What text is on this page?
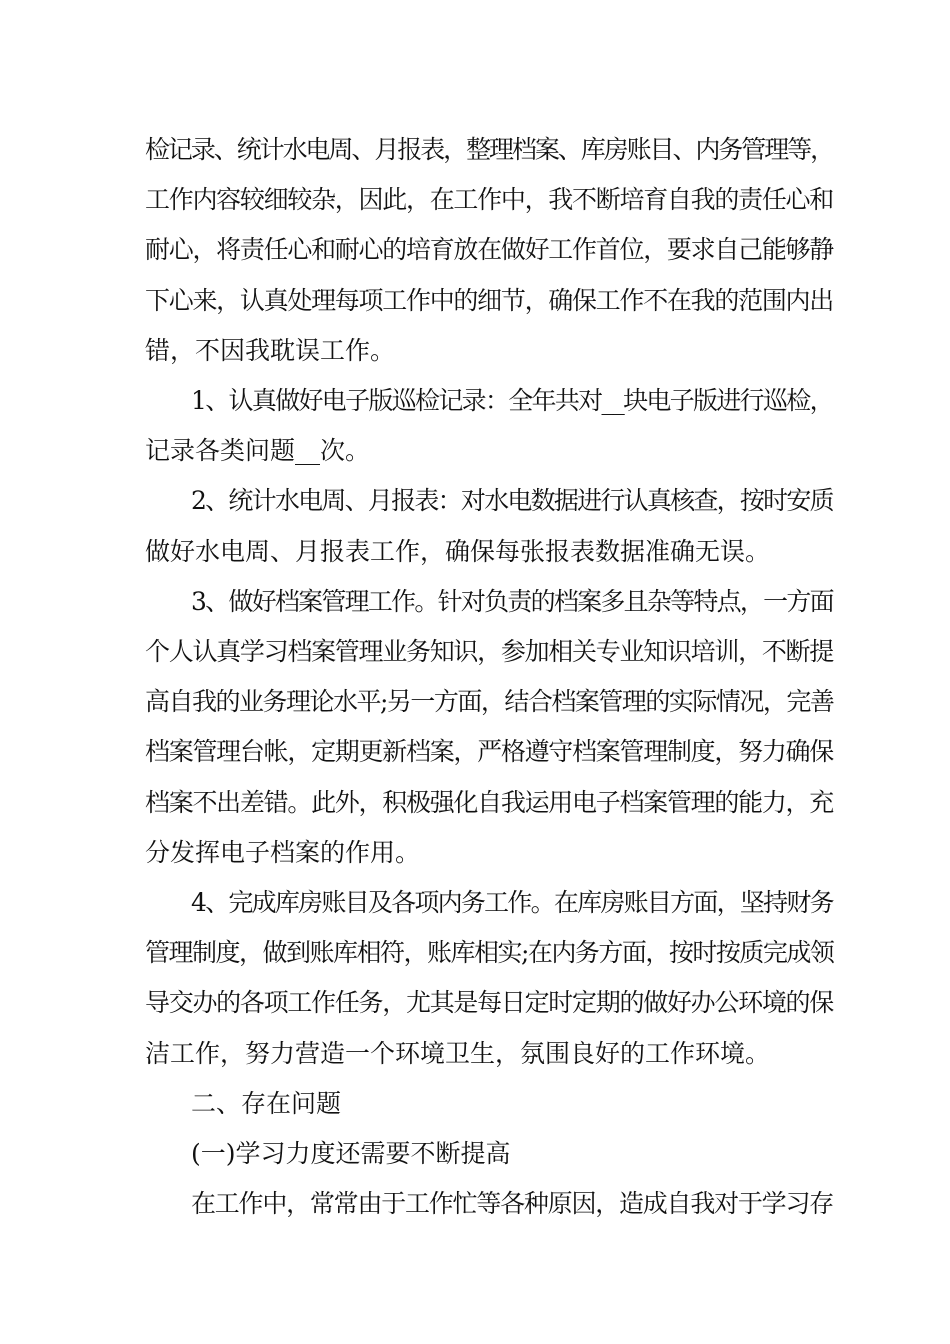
检记录、统计水电周、月报表，整理档案、库房账目、内务管理等，
工作内容较细较杂，因此，在工作中，我不断培育自我的责任心和
耐心，将责任心和耐心的培育放在做好工作首位，要求自己能够静
下心来，认真处理每项工作中的细节，确保工作不在我的范围内出
错，不因我耽误工作。
1、认真做好电子版巡检记录：全年共对__块电子版进行巡检，
记录各类问题__次。
2、统计水电周、月报表：对水电数据进行认真核查，按时安质
做好水电周、月报表工作，确保每张报表数据准确无误。
3、做好档案管理工作。针对负责的档案多且杂等特点，一方面
个人认真学习档案管理业务知识，参加相关专业知识培训，不断提
高自我的业务理论水平;另一方面，结合档案管理的实际情况，完善
档案管理台帐，定期更新档案，严格遵守档案管理制度，努力确保
档案不出差错。此外，积极强化自我运用电子档案管理的能力，充
分发挥电子档案的作用。
4、完成库房账目及各项内务工作。在库房账目方面，坚持财务
管理制度，做到账库相符，账库相实;在内务方面，按时按质完成领
导交办的各项工作任务，尤其是每日定时定期的做好办公环境的保
洁工作，努力营造一个环境卫生，氛围良好的工作环境。
二、存在问题
(一)学习力度还需要不断提高
在工作中，常常由于工作忙等各种原因，造成自我对于学习存
